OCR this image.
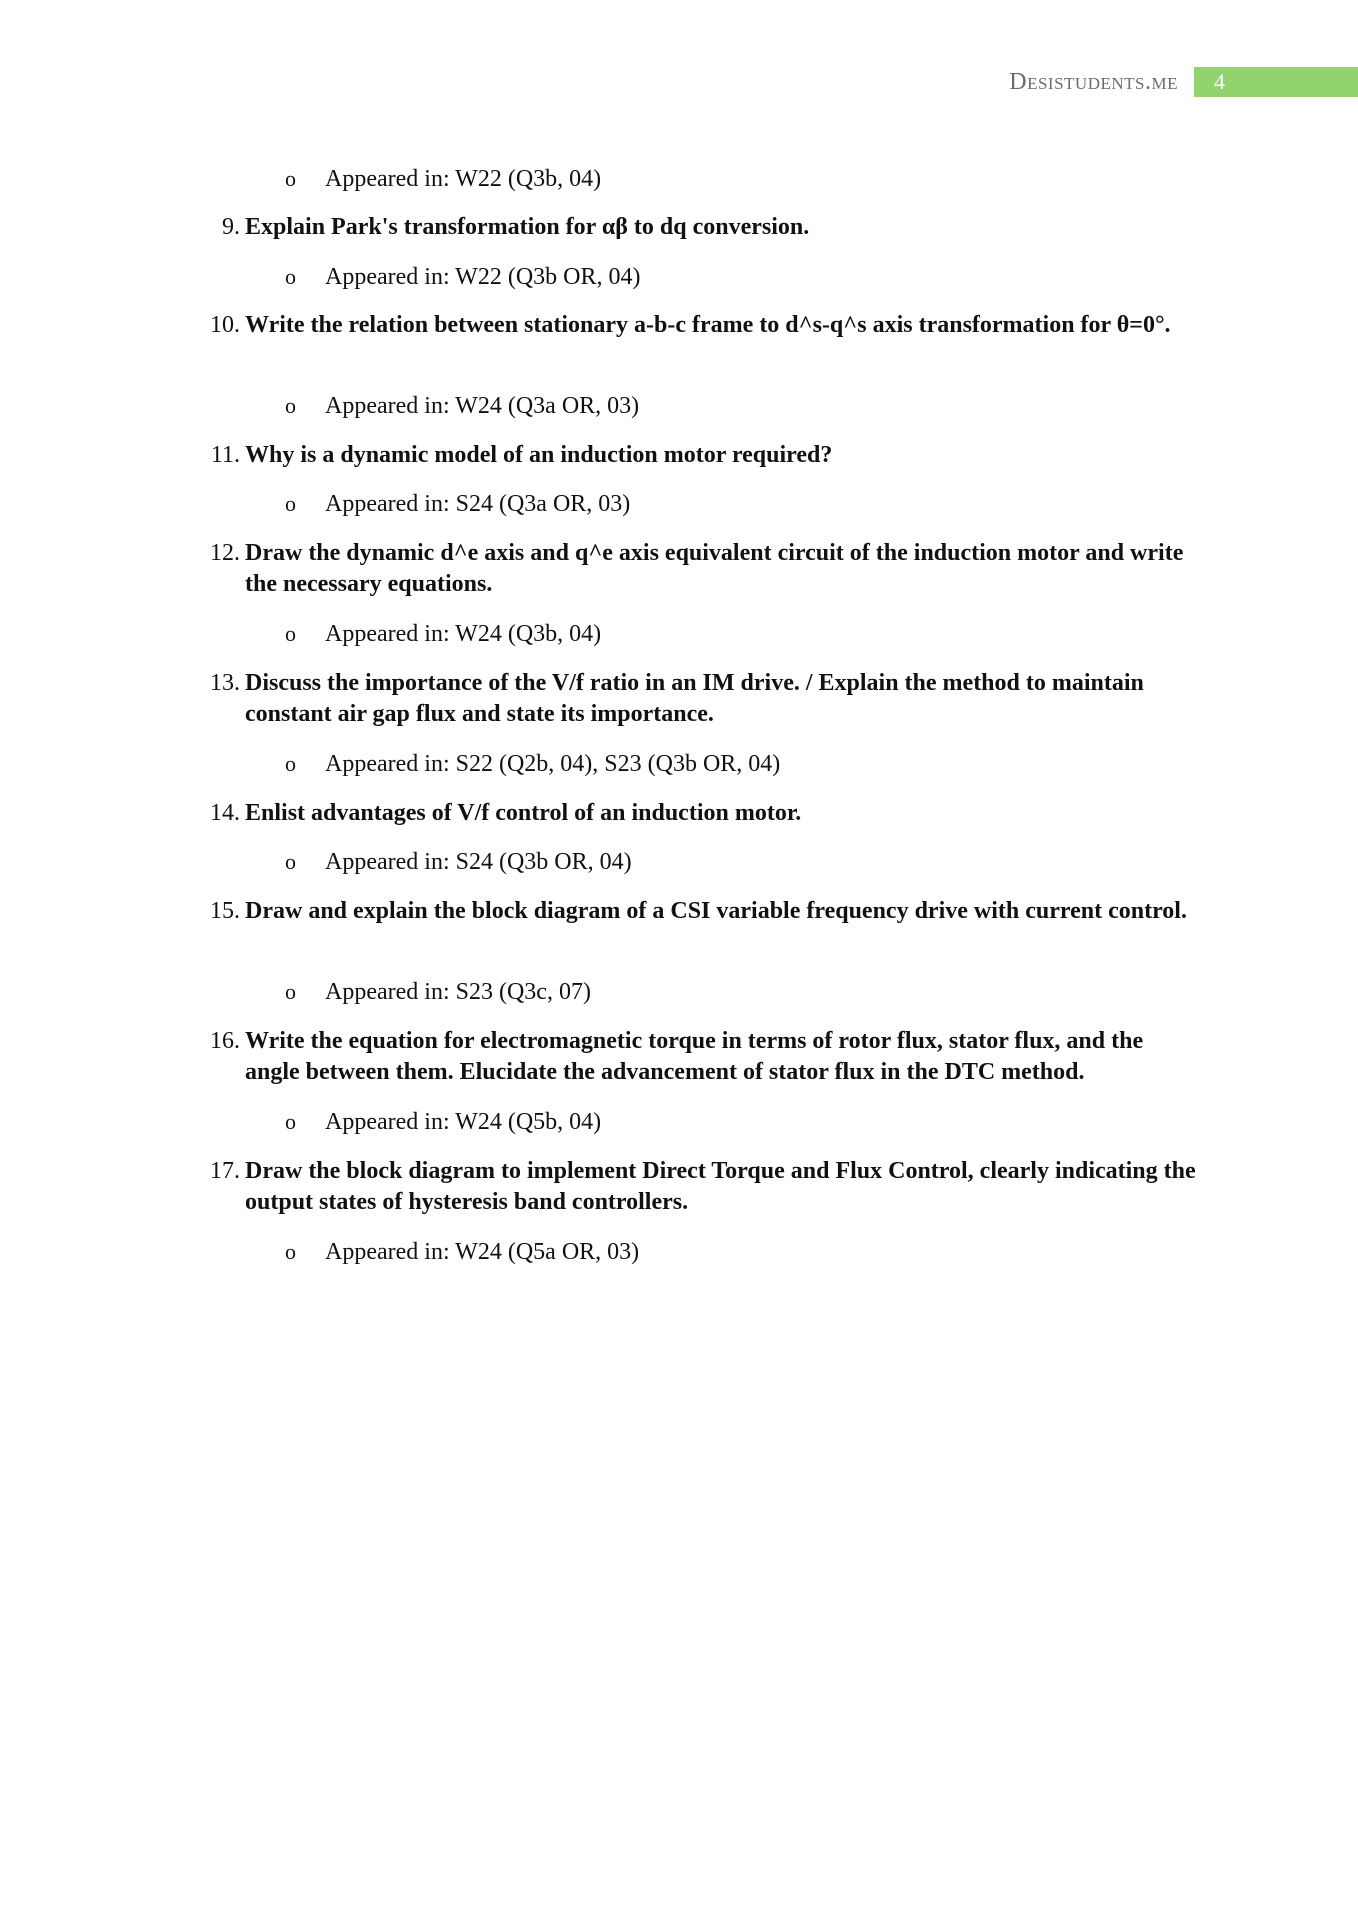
Desistudents.me	4
o Appeared in: W22 (Q3b, 04)
9. Explain Park's transformation for αβ to dq conversion.
o Appeared in: W22 (Q3b OR, 04)
10. Write the relation between stationary a-b-c frame to d^s-q^s axis transformation for θ=0°.
o Appeared in: W24 (Q3a OR, 03)
11. Why is a dynamic model of an induction motor required?
o Appeared in: S24 (Q3a OR, 03)
12. Draw the dynamic d^e axis and q^e axis equivalent circuit of the induction motor and write the necessary equations.
o Appeared in: W24 (Q3b, 04)
13. Discuss the importance of the V/f ratio in an IM drive. / Explain the method to maintain constant air gap flux and state its importance.
o Appeared in: S22 (Q2b, 04), S23 (Q3b OR, 04)
14. Enlist advantages of V/f control of an induction motor.
o Appeared in: S24 (Q3b OR, 04)
15. Draw and explain the block diagram of a CSI variable frequency drive with current control.
o Appeared in: S23 (Q3c, 07)
16. Write the equation for electromagnetic torque in terms of rotor flux, stator flux, and the angle between them. Elucidate the advancement of stator flux in the DTC method.
o Appeared in: W24 (Q5b, 04)
17. Draw the block diagram to implement Direct Torque and Flux Control, clearly indicating the output states of hysteresis band controllers.
o Appeared in: W24 (Q5a OR, 03)
